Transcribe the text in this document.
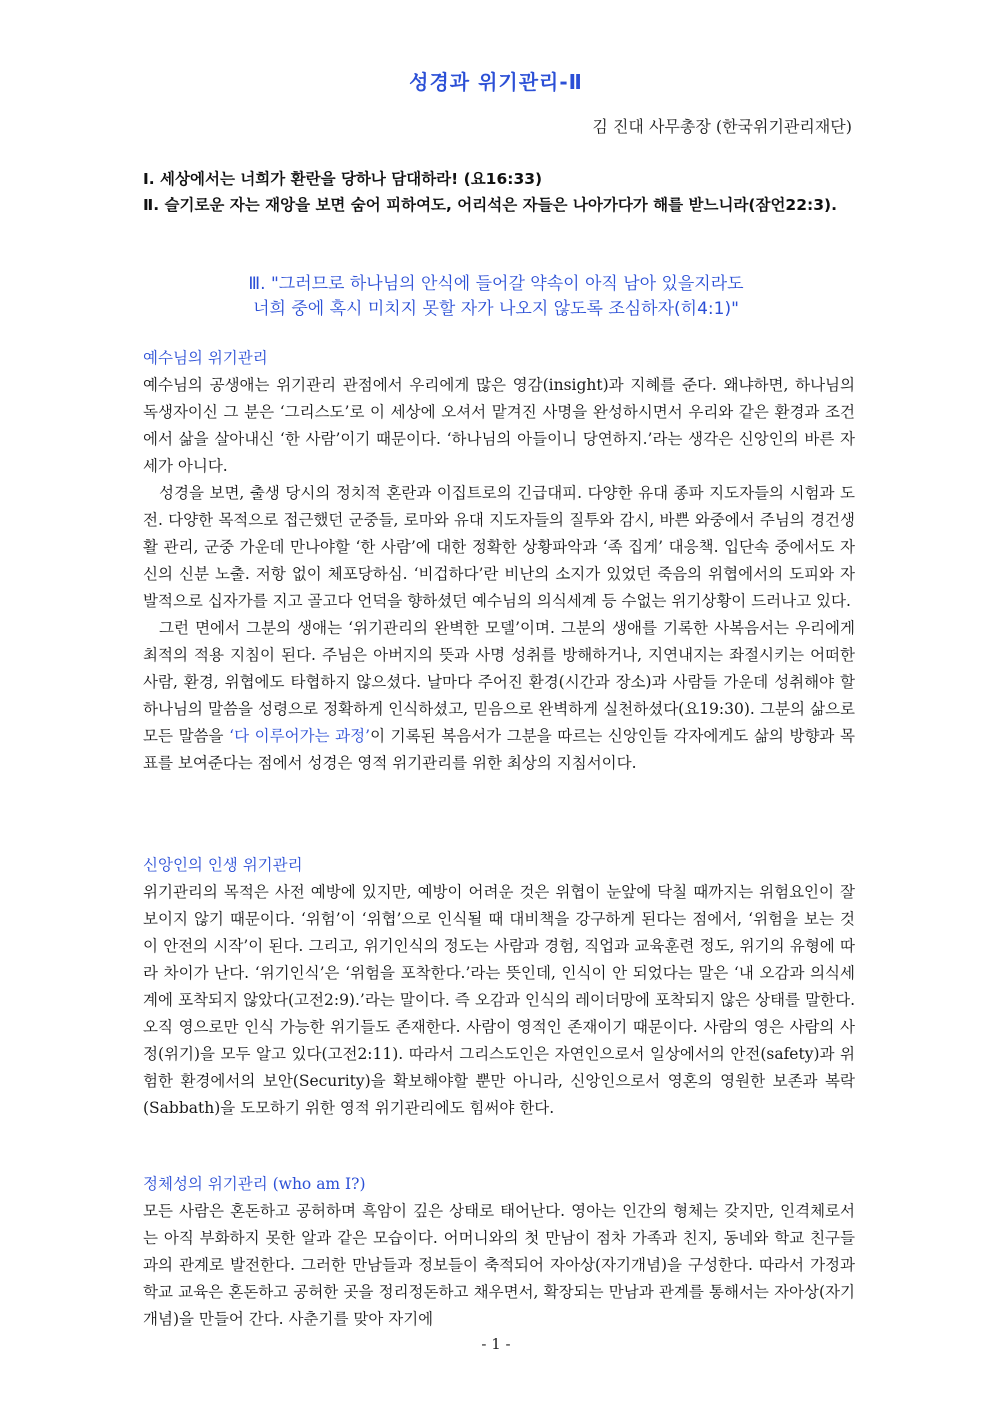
성경과 위기관리-Ⅱ
김 진대 사무총장 (한국위기관리재단)

Ⅰ. 세상에서는 너희가 환란을 당하나 담대하라! (요16:33)

Ⅱ. 슬기로운 자는 재앙을 보면 숨어 피하여도, 어리석은 자들은 나아가다가 해를 받느니라(잠언22:3).

Ⅲ. "그러므로 하나님의 안식에 들어갈 약속이 아직 남아 있을지라도
너희 중에 혹시 미치지 못할 자가 나오지 않도록 조심하자(히4:1)"

예수님의 위기관리

예수님의 공생애는 위기관리 관점에서 우리에게 많은 영감(insight)과 지혜를 준다. 왜냐하면, 하나님의 독생자이신 그 분은 ‘그리스도’로 이 세상에 오셔서 맡겨진 사명을 완성하시면서 우리와 같은 환경과 조건에서 삶을 살아내신 ‘한 사람’이기 때문이다. ‘하나님의 아들이니 당연하지.’라는 생각은 신앙인의 바른 자세가 아니다.

성경을 보면, 출생 당시의 정치적 혼란과 이집트로의 긴급대피. 다양한 유대 종파 지도자들의 시험과 도전. 다양한 목적으로 접근했던 군중들, 로마와 유대 지도자들의 질투와 감시, 바쁜 와중에서 주님의 경건생활 관리, 군중 가운데 만나야할 ‘한 사람’에 대한 정확한 상황파악과 ‘족 집게’ 대응책. 입단속 중에서도 자신의 신분 노출. 저항 없이 체포당하심. ‘비겁하다’란 비난의 소지가 있었던 죽음의 위협에서의 도피와 자발적으로 십자가를 지고 골고다 언덕을 향하셨던 예수님의 의식세계 등 수없는 위기상황이 드러나고 있다.

그런 면에서 그분의 생애는 ‘위기관리의 완벽한 모델’이며. 그분의 생애를 기록한 사복음서는 우리에게 최적의 적용 지침이 된다. 주님은 아버지의 뜻과 사명 성취를 방해하거나, 지연내지는 좌절시키는 어떠한 사람, 환경, 위협에도 타협하지 않으셨다. 날마다 주어진 환경(시간과 장소)과 사람들 가운데 성취해야 할 하나님의 말씀을 성령으로 정확하게 인식하셨고, 믿음으로 완벽하게 실천하셨다(요19:30). 그분의 삶으로 모든 말씀을 ‘다 이루어가는 과정’이 기록된 복음서가 그분을 따르는 신앙인들 각자에게도 삶의 방향과 목표를 보여준다는 점에서 성경은 영적 위기관리를 위한 최상의 지침서이다.

신앙인의 인생 위기관리

위기관리의 목적은 사전 예방에 있지만, 예방이 어려운 것은 위협이 눈앞에 닥칠 때까지는 위험요인이 잘 보이지 않기 때문이다. ‘위험’이 ‘위협’으로 인식될 때 대비책을 강구하게 된다는 점에서, ‘위험을 보는 것이 안전의 시작’이 된다. 그리고, 위기인식의 정도는 사람과 경험, 직업과 교육훈련 정도, 위기의 유형에 따라 차이가 난다. ‘위기인식’은 ‘위험을 포착한다.’라는 뜻인데, 인식이 안 되었다는 말은 ‘내 오감과 의식세계에 포착되지 않았다(고전2:9).’라는 말이다. 즉 오감과 인식의 레이더망에 포착되지 않은 상태를 말한다. 오직 영으로만 인식 가능한 위기들도 존재한다. 사람이 영적인 존재이기 때문이다. 사람의 영은 사람의 사정(위기)을 모두 알고 있다(고전2:11). 따라서 그리스도인은 자연인으로서 일상에서의 안전(safety)과 위험한 환경에서의 보안(Security)을 확보해야할 뿐만 아니라, 신앙인으로서 영혼의 영원한 보존과 복락(Sabbath)을 도모하기 위한 영적 위기관리에도 힘써야 한다.

정체성의 위기관리 (who am I?)

모든 사람은 혼돈하고 공허하며 흑암이 깊은 상태로 태어난다. 영아는 인간의 형체는 갖지만, 인격체로서는 아직 부화하지 못한 알과 같은 모습이다. 어머니와의 첫 만남이 점차 가족과 친지, 동네와 학교 친구들과의 관계로 발전한다. 그러한 만남들과 정보들이 축적되어 자아상(자기개념)을 구성한다. 따라서 가정과 학교 교육은 혼돈하고 공허한 곳을 정리정돈하고 채우면서, 확장되는 만남과 관계를 통해서는 자아상(자기개념)을 만들어 간다. 사춘기를 맞아 자기에

- 1 -
